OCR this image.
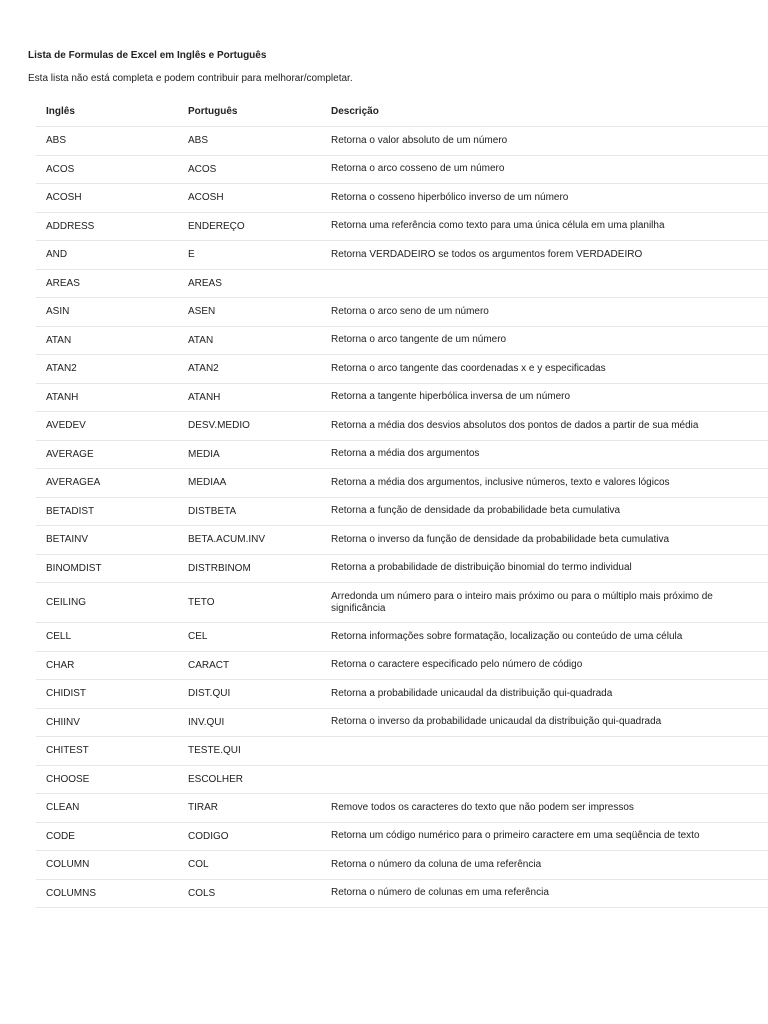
Lista de Formulas de Excel em Inglês e Português
Esta lista não está completa e podem contribuir para melhorar/completar.
Inglês	Português	Descrição
ABS	ABS	Retorna o valor absoluto de um número
ACOS	ACOS	Retorna o arco cosseno de um número
ACOSH	ACOSH	Retorna o cosseno hiperbólico inverso de um número
ADDRESS	ENDEREÇO	Retorna uma referência como texto para uma única célula em uma planilha
AND	E	Retorna VERDADEIRO se todos os argumentos forem VERDADEIRO
AREAS	AREAS
ASIN	ASEN	Retorna o arco seno de um número
ATAN	ATAN	Retorna o arco tangente de um número
ATAN2	ATAN2	Retorna o arco tangente das coordenadas x e y especificadas
ATANH	ATANH	Retorna a tangente hiperbólica inversa de um número
AVEDEV	DESV.MEDIO	Retorna a média dos desvios absolutos dos pontos de dados a partir de sua média
AVERAGE	MEDIA	Retorna a média dos argumentos
AVERAGEA	MEDIAA	Retorna a média dos argumentos, inclusive números, texto e valores lógicos
BETADIST	DISTBETA	Retorna a função de densidade da probabilidade beta cumulativa
BETAINV	BETA.ACUM.INV	Retorna o inverso da função de densidade da probabilidade beta cumulativa
BINOMDIST	DISTRBINOM	Retorna a probabilidade de distribuição binomial do termo individual
CEILING	TETO
Arredonda um número para o inteiro mais próximo ou para o múltiplo mais próximo de significância
CELL	CEL	Retorna informações sobre formatação, localização ou conteúdo de uma célula
CHAR	CARACT	Retorna o caractere especificado pelo número de código
CHIDIST	DIST.QUI	Retorna a probabilidade unicaudal da distribuição qui-quadrada
CHIINV	INV.QUI	Retorna o inverso da probabilidade unicaudal da distribuição qui-quadrada
CHITEST	TESTE.QUI
CHOOSE	ESCOLHER
CLEAN	TIRAR	Remove todos os caracteres do texto que não podem ser impressos
CODE	CODIGO	Retorna um código numérico para o primeiro caractere em uma seqüência de texto
COLUMN	COL	Retorna o número da coluna de uma referência
COLUMNS	COLS	Retorna o número de colunas em uma referência
